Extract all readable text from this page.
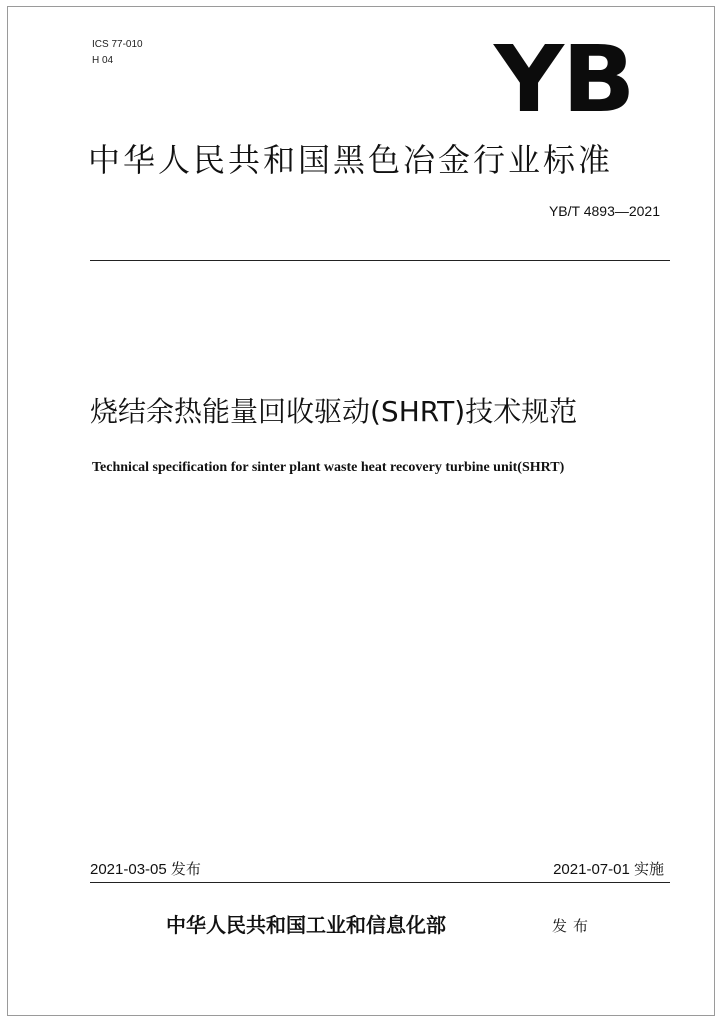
ICS 77-010
H 04	YB
中华人民共和国黑色冶金行业标准
YB/T 4893—2021
烧结余热能量回收驱动(SHRT)技术规范
Technical specification for sinter plant waste heat recovery turbine unit(SHRT)
2021-03-05 发布	2021-07-01 实施
中华人民共和国工业和信息化部	发布
